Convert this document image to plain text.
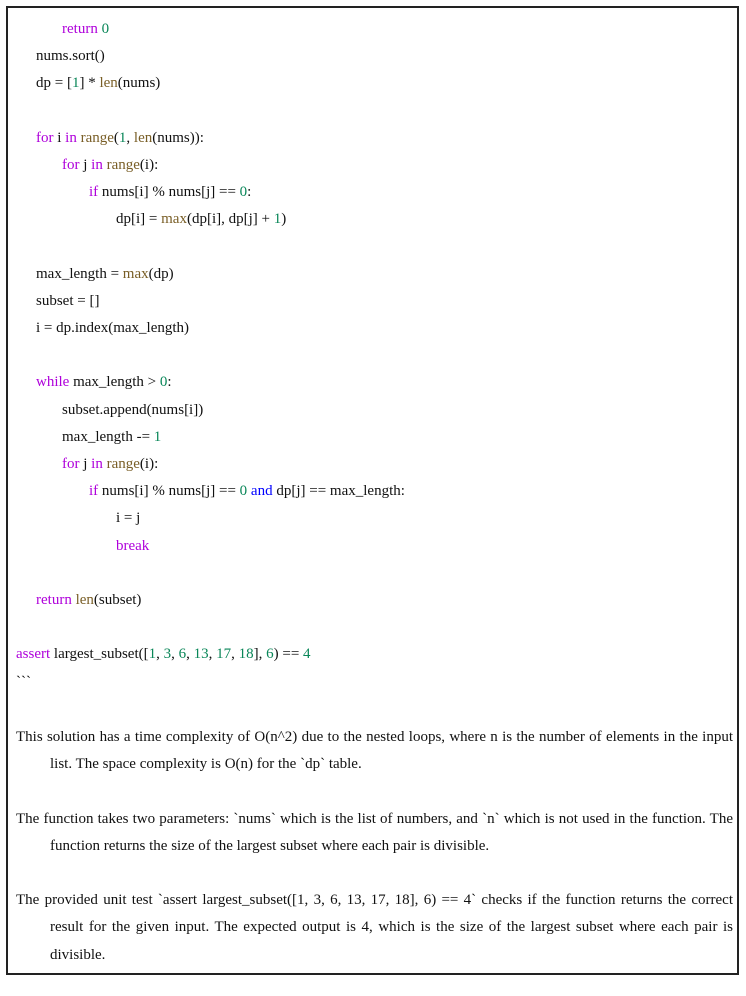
return 0
nums.sort()
dp = [1] * len(nums)

for i in range(1, len(nums)):
for j in range(i):
if nums[i] % nums[j] == 0:
dp[i] = max(dp[i], dp[j] + 1)

max_length = max(dp)
subset = []
i = dp.index(max_length)

while max_length > 0:
subset.append(nums[i])
max_length -= 1
for j in range(i):
if nums[i] % nums[j] == 0 and dp[j] == max_length:
i = j
break

return len(subset)

assert largest_subset([1, 3, 6, 13, 17, 18], 6) == 4
```

This solution has a time complexity of O(n^2) due to the nested loops, where n is the number of elements in the input list. The space complexity is O(n) for the `dp` table.

The function takes two parameters: `nums` which is the list of numbers, and `n` which is not used in the function. The function returns the size of the largest subset where each pair is divisible.

The provided unit test `assert largest_subset([1, 3, 6, 13, 17, 18], 6) == 4` checks if the function returns the correct result for the given input. The expected output is 4, which is the size of the largest subset where each pair is divisible.
